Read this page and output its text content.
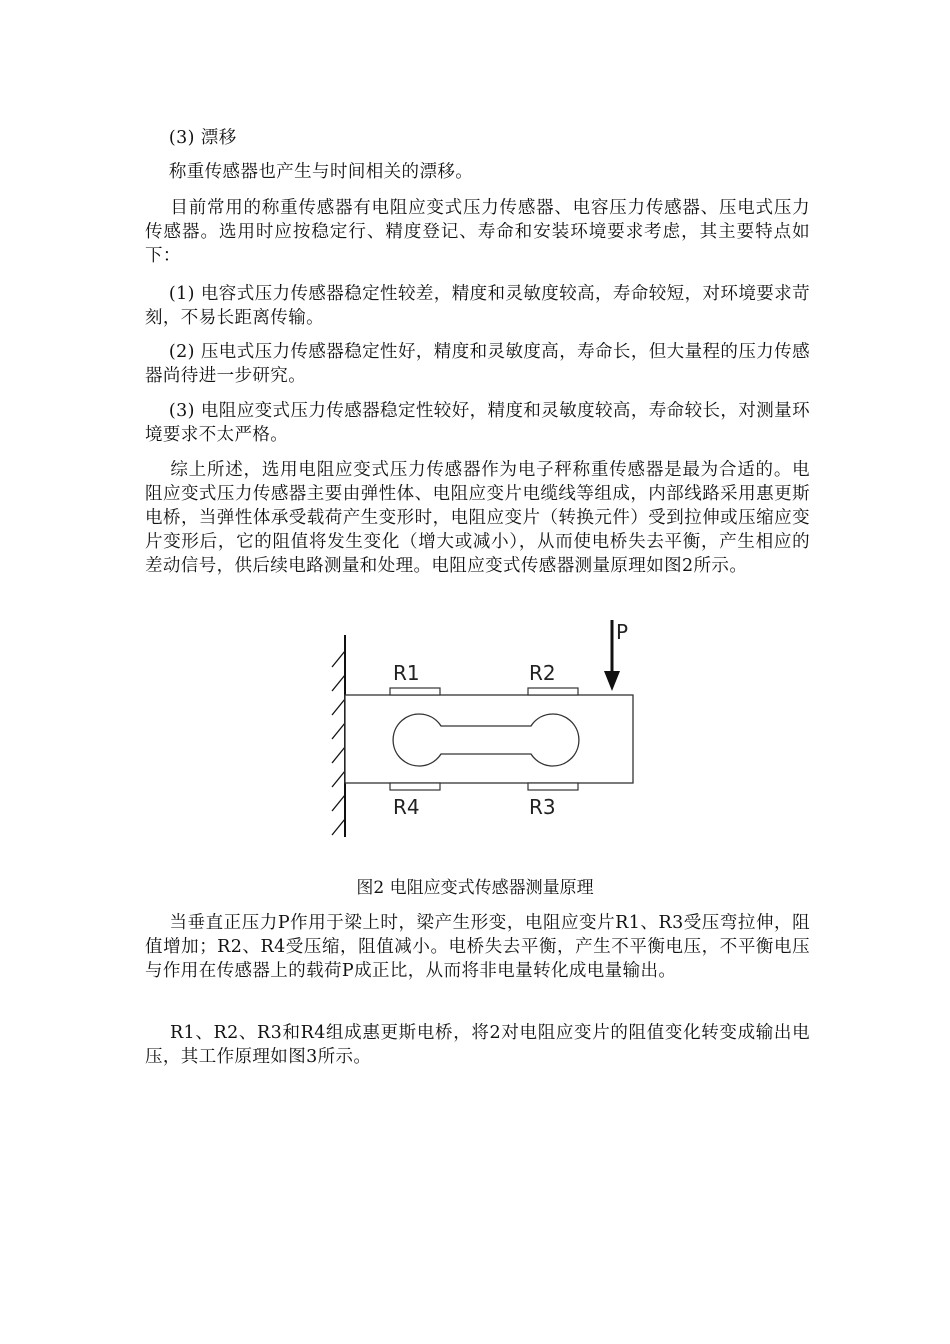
(3) 漂移

称重传感器也产生与时间相关的漂移。

目前常用的称重传感器有电阻应变式压力传感器、电容压力传感器、压电式压力传感器。选用时应按稳定行、精度登记、寿命和安装环境要求考虑，其主要特点如下：

(1) 电容式压力传感器稳定性较差，精度和灵敏度较高，寿命较短，对环境要求苛刻，不易长距离传输。

(2) 压电式压力传感器稳定性好，精度和灵敏度高，寿命长，但大量程的压力传感器尚待进一步研究。

(3) 电阻应变式压力传感器稳定性较好，精度和灵敏度较高，寿命较长，对测量环境要求不太严格。

综上所述，选用电阻应变式压力传感器作为电子秤称重传感器是最为合适的。电阻应变式压力传感器主要由弹性体、电阻应变片电缆线等组成，内部线路采用惠更斯电桥，当弹性体承受载荷产生变形时，电阻应变片（转换元件）受到拉伸或压缩应变片变形后，它的阻值将发生变化（增大或减小），从而使电桥失去平衡，产生相应的差动信号，供后续电路测量和处理。电阻应变式传感器测量原理如图2所示。

P
R1	R2
R4	R3

图2 电阻应变式传感器测量原理

当垂直正压力P作用于梁上时，梁产生形变，电阻应变片R1、R3受压弯拉伸，阻值增加；R2、R4受压缩，阻值减小。电桥失去平衡，产生不平衡电压，不平衡电压与作用在传感器上的载荷P成正比，从而将非电量转化成电量输出。

R1、R2、R3和R4组成惠更斯电桥，将2对电阻应变片的阻值变化转变成输出电压，其工作原理如图3所示。
